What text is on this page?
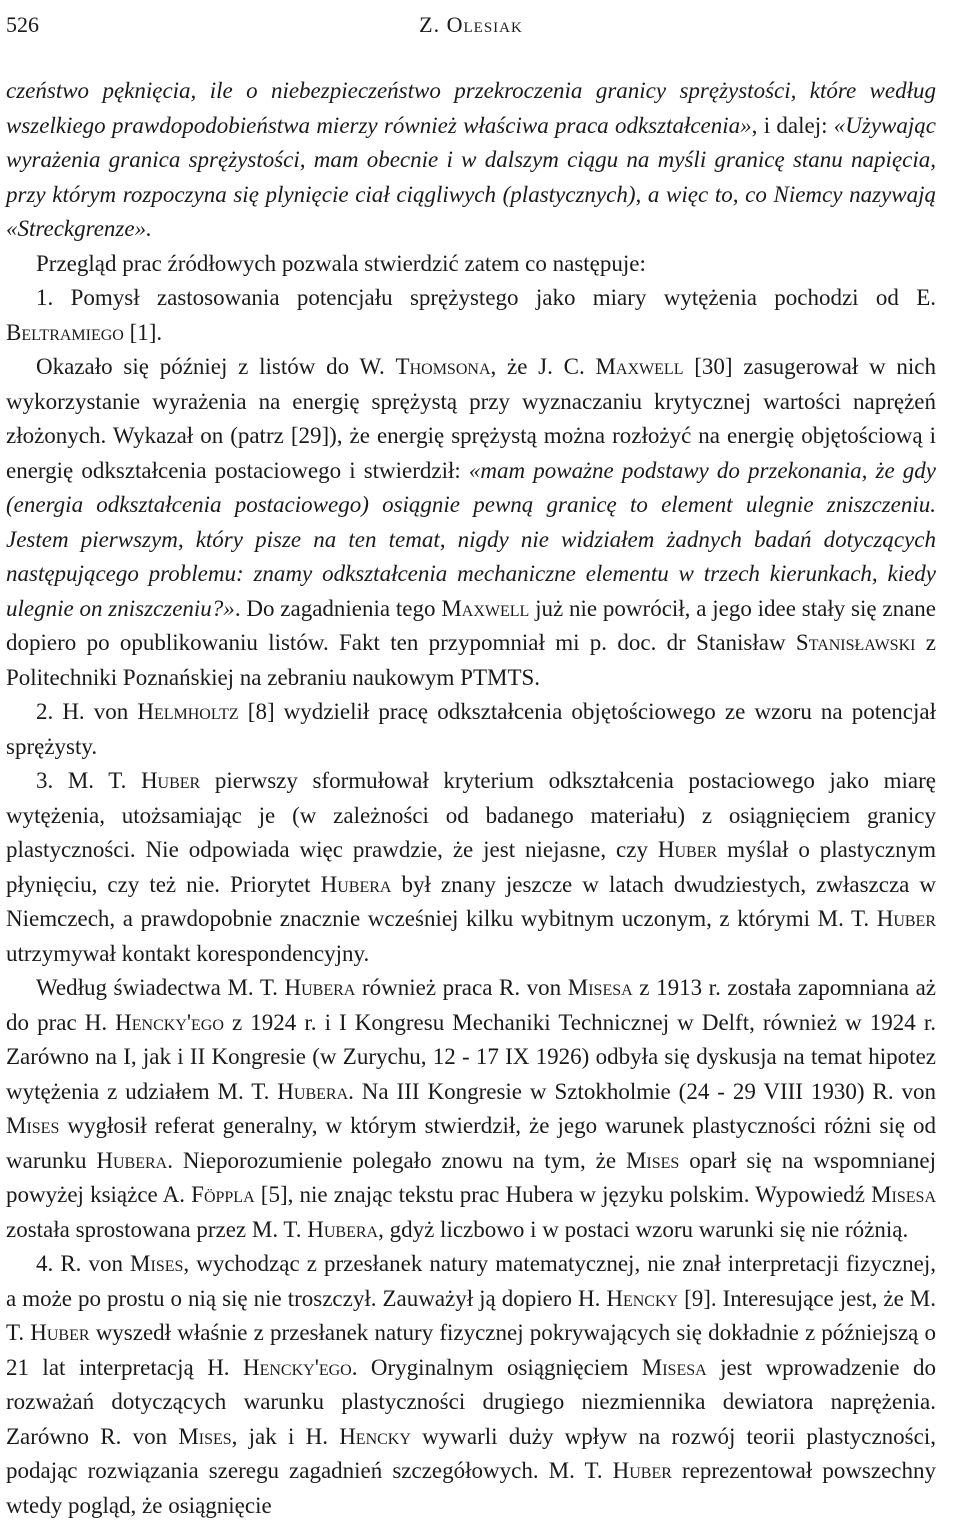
526	Z. Olesiak

czeństwo pęknięcia, ile o niebezpieczeństwo przekroczenia granicy sprężystości, które według wszelkiego prawdopodobieństwa mierzy również właściwa praca odkształcenia», i dalej: «Używając wyrażenia granica sprężystości, mam obecnie i w dalszym ciągu na myśli granicę stanu napięcia, przy którym rozpoczyna się plynięcie ciał ciągliwych (plastycznych), a więc to, co Niemcy nazywają «Streckgrenze».

Przegląd prac źródłowych pozwala stwierdzić zatem co następuje:

1. Pomysł zastosowania potencjału sprężystego jako miary wytężenia pochodzi od E. Beltramiego [1].

Okazało się później z listów do W. Thomsona, że J. C. Maxwell [30] zasugerował w nich wykorzystanie wyrażenia na energię sprężystą przy wyznaczaniu krytycznej wartości naprężeń złożonych. Wykazał on (patrz [29]), że energię sprężystą można rozłożyć na energię objętościową i energię odkształcenia postaciowego i stwierdził: «mam poważne podstawy do przekonania, że gdy (energia odkształcenia postaciowego) osiągnie pewną granicę to element ulegnie zniszczeniu. Jestem pierwszym, który pisze na ten temat, nigdy nie widziałem żadnych badań dotyczących następującego problemu: znamy odkształcenia mechaniczne elementu w trzech kierunkach, kiedy ulegnie on zniszczeniu?». Do zagadnienia tego Maxwell już nie powrócił, a jego idee stały się znane dopiero po opublikowaniu listów. Fakt ten przypomniał mi p. doc. dr Stanisław Stanisławski z Politechniki Poznańskiej na zebraniu naukowym PTMTS.

2. H. von Helmholtz [8] wydzielił pracę odkształcenia objętościowego ze wzoru na potencjał sprężysty.

3. M. T. Huber pierwszy sformułował kryterium odkształcenia postaciowego jako miarę wytężenia, utożsamiając je (w zależności od badanego materiału) z osiągnięciem granicy plastyczności. Nie odpowiada więc prawdzie, że jest niejasne, czy Huber myślał o plastycznym płynięciu, czy też nie. Priorytet Hubera był znany jeszcze w latach dwudziestych, zwłaszcza w Niemczech, a prawdopobnie znacznie wcześniej kilku wybitnym uczonym, z którymi M. T. Huber utrzymywał kontakt korespondencyjny.

Według świadectwa M. T. Hubera również praca R. von Misesa z 1913 r. została zapomniana aż do prac H. Hencky'ego z 1924 r. i I Kongresu Mechaniki Technicznej w Delft, również w 1924 r. Zarówno na I, jak i II Kongresie (w Zurychu, 12 - 17 IX 1926) odbyła się dyskusja na temat hipotez wytężenia z udziałem M. T. Hubera. Na III Kongresie w Sztokholmie (24 - 29 VIII 1930) R. von Mises wygłosił referat generalny, w którym stwierdził, że jego warunek plastyczności różni się od warunku Hubera. Nieporozumienie polegało znowu na tym, że Mises oparł się na wspomnianej powyżej książce A. Föppla [5], nie znając tekstu prac Hubera w języku polskim. Wypowiedź Misesa została sprostowana przez M. T. Hubera, gdyż liczbowo i w postaci wzoru warunki się nie różnią.

4. R. von Mises, wychodząc z przesłanek natury matematycznej, nie znał interpretacji fizycznej, a może po prostu o nią się nie troszczył. Zauważył ją dopiero H. Hencky [9]. Interesujące jest, że M. T. Huber wyszedł właśnie z przesłanek natury fizycznej pokrywających się dokładnie z późniejszą o 21 lat interpretacją H. Hencky'ego. Oryginalnym osiągnięciem Misesa jest wprowadzenie do rozważań dotyczących warunku plastyczności drugiego niezmiennika dewiatora naprężenia. Zarówno R. von Mises, jak i H. Hencky wywarli duży wpływ na rozwój teorii plastyczności, podając rozwiązania szeregu zagadnień szczegółowych. M. T. Huber reprezentował powszechny wtedy pogląd, że osiągnięcie
